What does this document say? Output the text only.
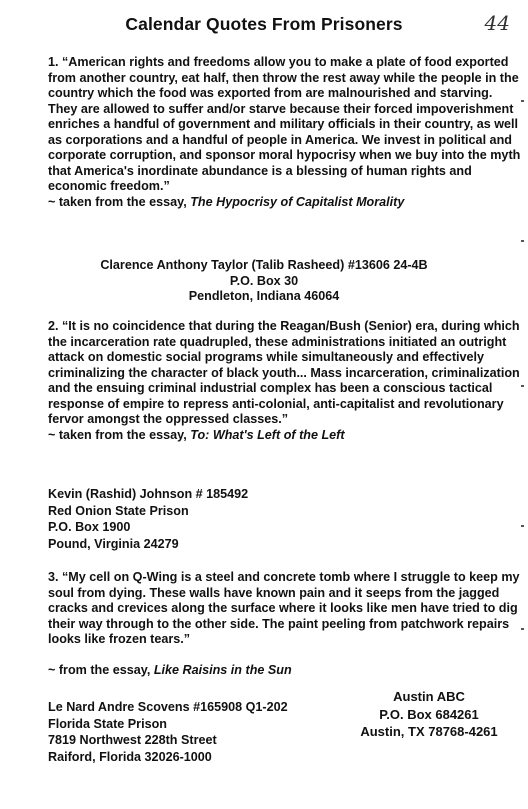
Calendar Quotes From Prisoners	44

1. “American rights and freedoms allow you to make a plate of food exported from another country, eat half, then throw the rest away while the people in the country which the food was exported from are malnourished and starving. They are allowed to suffer and/or starve because their forced impoverishment enriches a handful of government and military officials in their country, as well as corporations and a handful of people in America. We invest in political and corporate corruption, and sponsor moral hypocrisy when we buy into the myth that America's inordinate abundance is a blessing of human rights and economic freedom.”

~ taken from the essay, The Hypocrisy of Capitalist Morality

Clarence Anthony Taylor (Talib Rasheed) #13606 24-4B
P.O. Box 30
Pendleton, Indiana 46064

2. “It is no coincidence that during the Reagan/Bush (Senior) era, during which the incarceration rate quadrupled, these administrations initiated an outright attack on domestic social programs while simultaneously and effectively criminalizing the character of black youth... Mass incarceration, criminalization and the ensuing criminal industrial complex has been a conscious tactical response of empire to repress anti-colonial, anti-capitalist and revolutionary fervor amongst the oppressed classes.”

~ taken from the essay, To: What's Left of the Left

Kevin (Rashid) Johnson # 185492
Red Onion State Prison
P.O. Box 1900
Pound, Virginia 24279

3. “My cell on Q-Wing is a steel and concrete tomb where I struggle to keep my soul from dying. These walls have known pain and it seeps from the jagged cracks and crevices along the surface where it looks like men have tried to dig their way through to the other side. The paint peeling from patchwork repairs looks like frozen tears.”

~ from the essay, Like Raisins in the Sun

Le Nard Andre Scovens #165908 Q1-202
Florida State Prison
7819 Northwest 228th Street
Raiford, Florida 32026-1000
Austin ABC
P.O. Box 684261
Austin, TX 78768-4261
